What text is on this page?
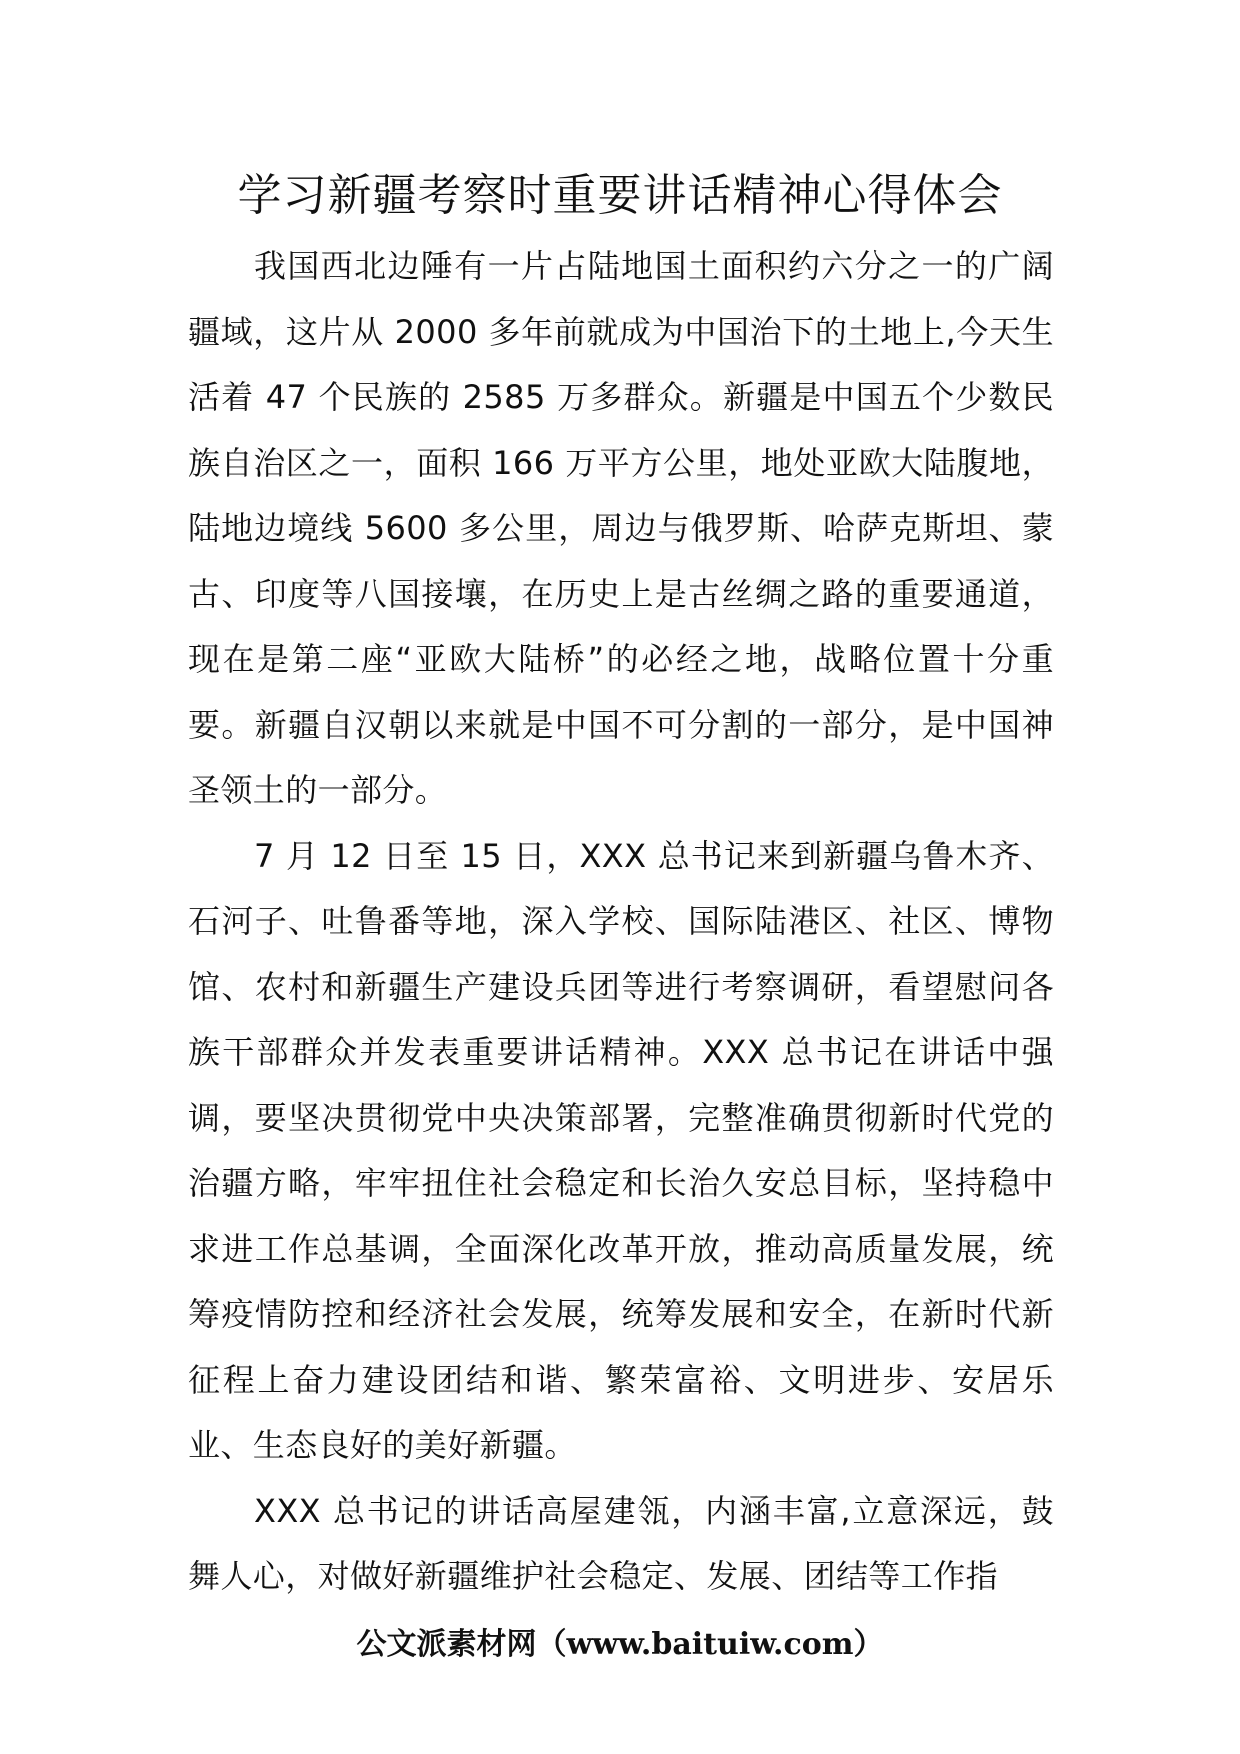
学习新疆考察时重要讲话精神心得体会

我国西北边陲有一片占陆地国土面积约六分之一的广阔疆域，这片从 2000 多年前就成为中国治下的土地上,今天生活着 47 个民族的 2585 万多群众。新疆是中国五个少数民族自治区之一，面积 166 万平方公里，地处亚欧大陆腹地，陆地边境线 5600 多公里，周边与俄罗斯、哈萨克斯坦、蒙古、印度等八国接壤，在历史上是古丝绸之路的重要通道，现在是第二座“亚欧大陆桥”的必经之地，战略位置十分重要。新疆自汉朝以来就是中国不可分割的一部分，是中国神圣领土的一部分。

7 月 12 日至 15 日，XXX 总书记来到新疆乌鲁木齐、石河子、吐鲁番等地，深入学校、国际陆港区、社区、博物馆、农村和新疆生产建设兵团等进行考察调研，看望慰问各族干部群众并发表重要讲话精神。XXX 总书记在讲话中强调，要坚决贯彻党中央决策部署，完整准确贯彻新时代党的治疆方略，牢牢扭住社会稳定和长治久安总目标，坚持稳中求进工作总基调，全面深化改革开放，推动高质量发展，统筹疫情防控和经济社会发展，统筹发展和安全，在新时代新征程上奋力建设团结和谐、繁荣富裕、文明进步、安居乐业、生态良好的美好新疆。

XXX 总书记的讲话高屋建瓴，内涵丰富,立意深远，鼓舞人心，对做好新疆维护社会稳定、发展、团结等工作指

公文派素材网（www.baituiw.com）
